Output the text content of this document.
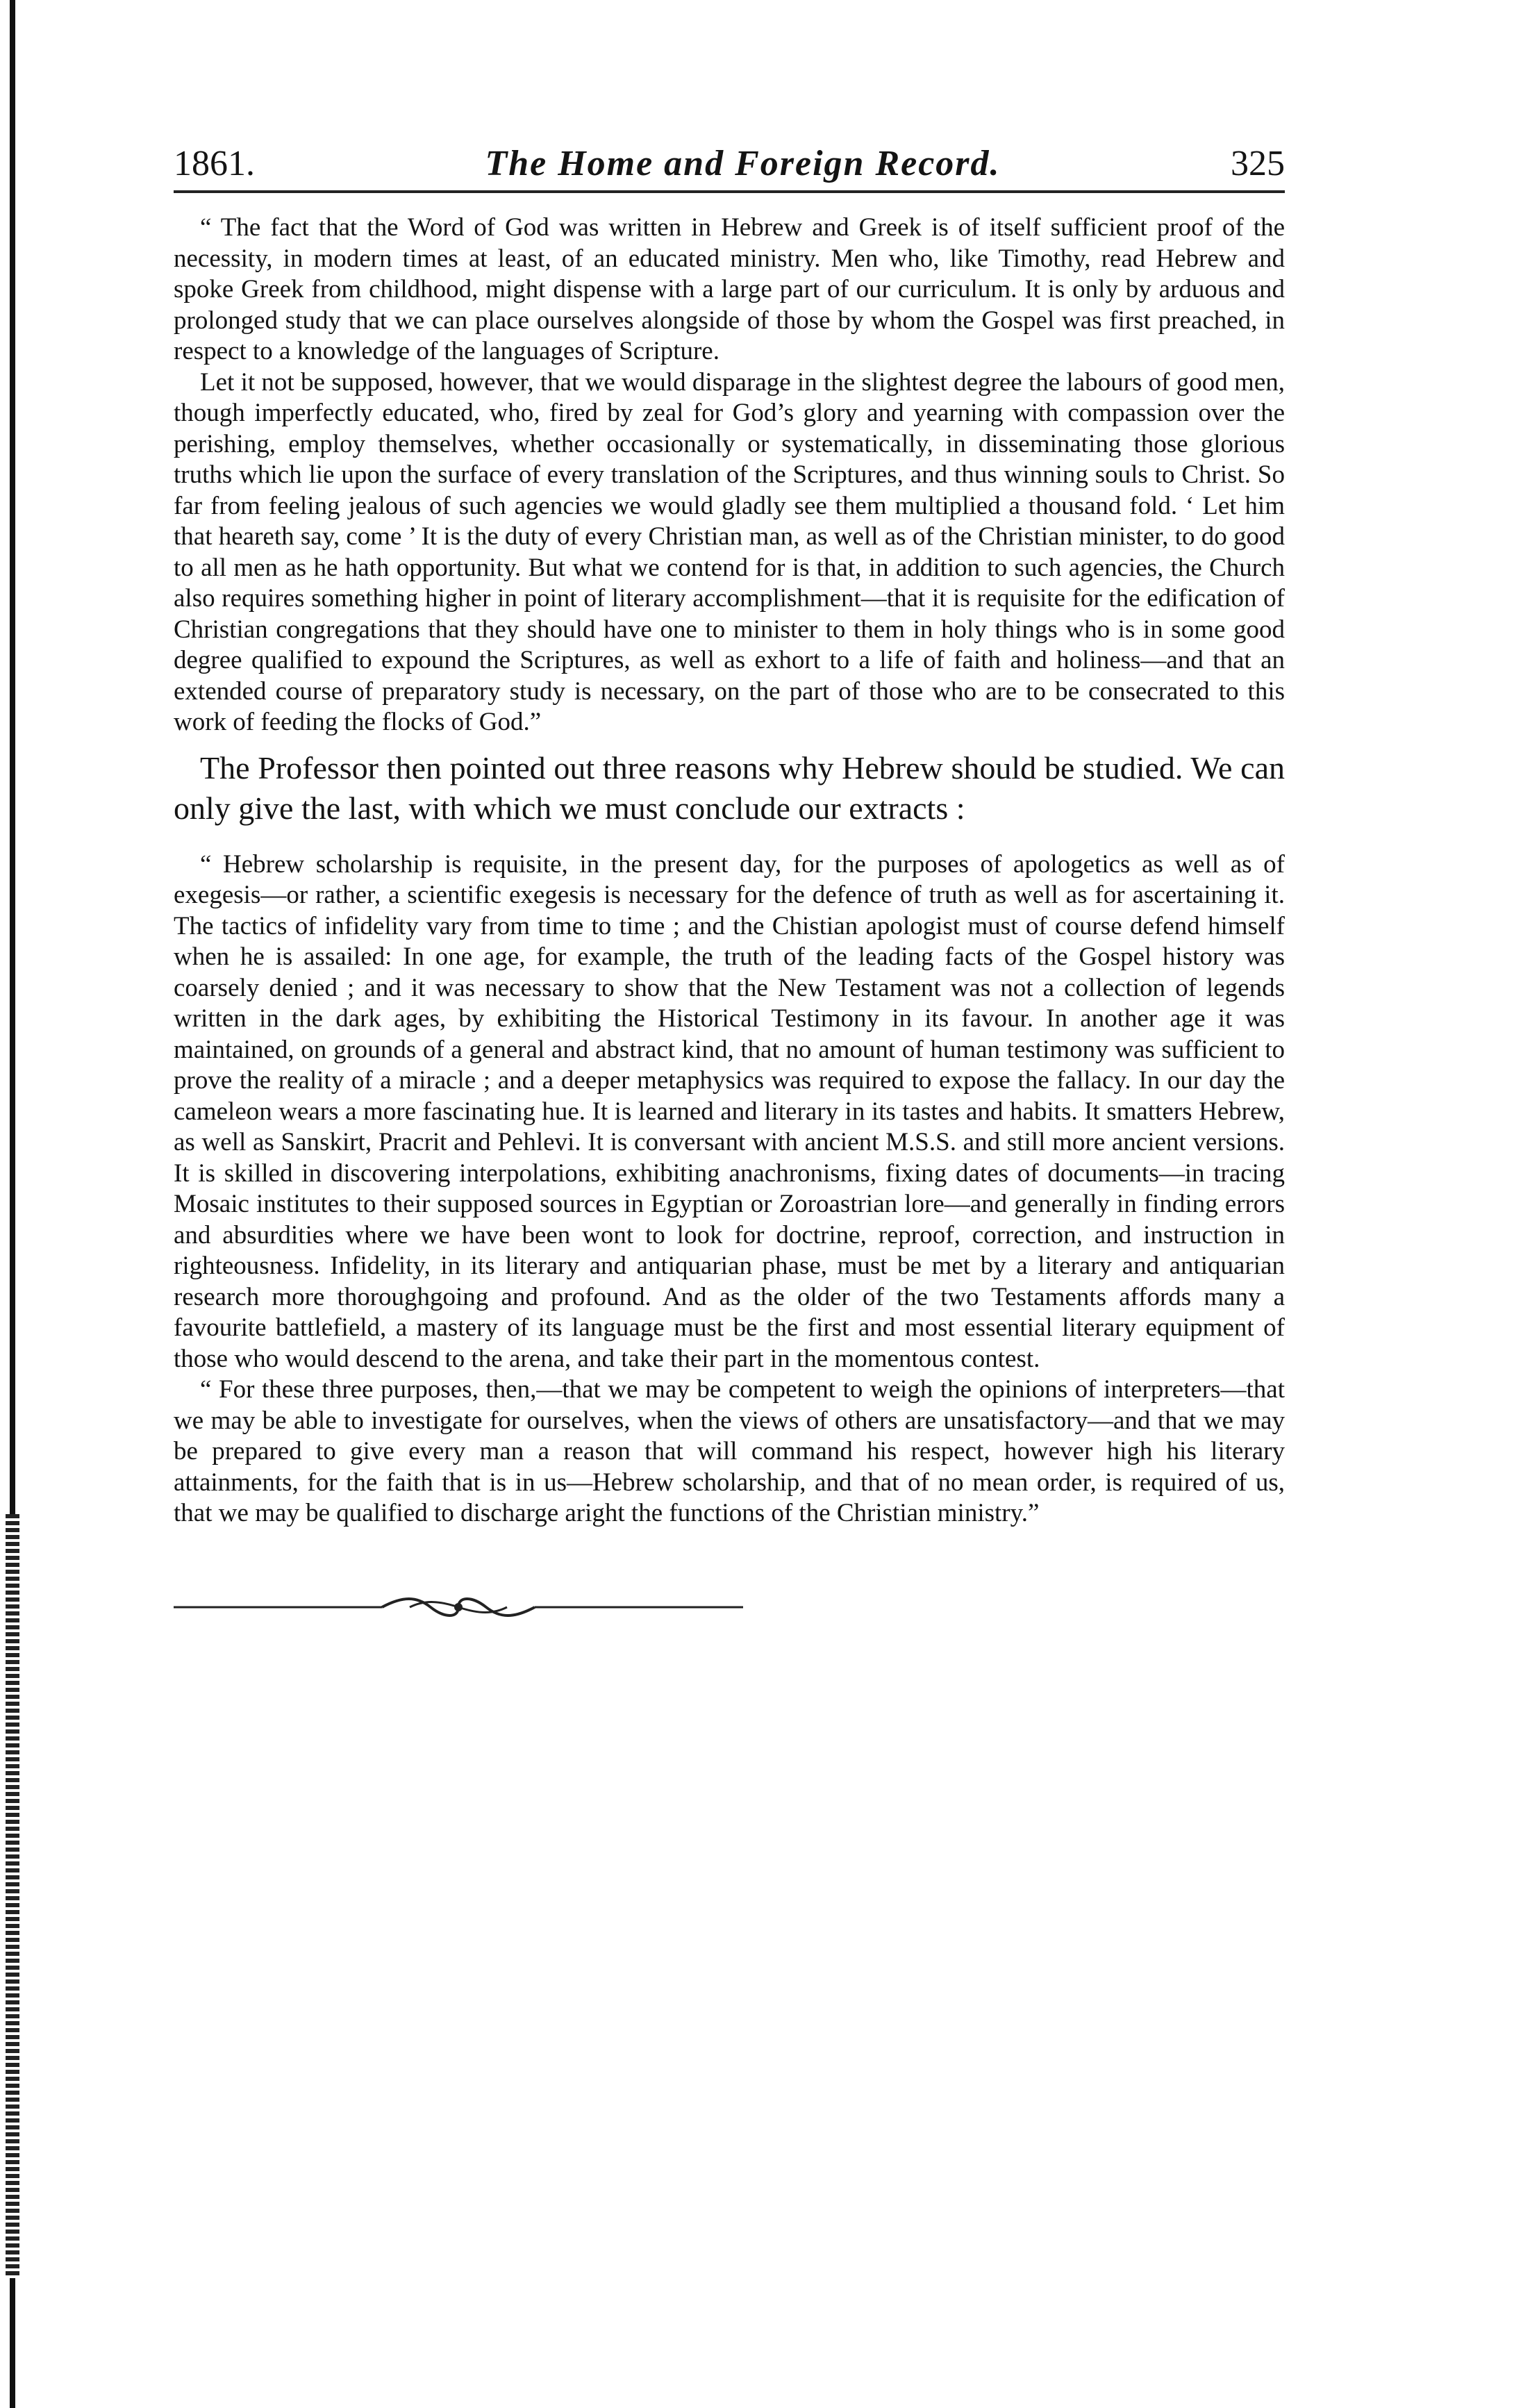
1861.	The Home and Foreign Record.	325

“ The fact that the Word of God was written in Hebrew and Greek is of itself sufficient proof of the necessity, in modern times at least, of an educated ministry. Men who, like Timothy, read Hebrew and spoke Greek from childhood, might dispense with a large part of our curriculum. It is only by arduous and prolonged study that we can place ourselves alongside of those by whom the Gospel was first preached, in respect to a knowledge of the languages of Scripture.

Let it not be supposed, however, that we would disparage in the slightest degree the labours of good men, though imperfectly educated, who, fired by zeal for God’s glory and yearning with compassion over the perishing, employ themselves, whether occasionally or systematically, in disseminating those glorious truths which lie upon the surface of every translation of the Scriptures, and thus winning souls to Christ. So far from feeling jealous of such agencies we would gladly see them multiplied a thousand fold. ‘ Let him that heareth say, come ’ It is the duty of every Christian man, as well as of the Christian minister, to do good to all men as he hath opportunity. But what we contend for is that, in addition to such agencies, the Church also requires something higher in point of literary accomplishment—that it is requisite for the edification of Christian congregations that they should have one to minister to them in holy things who is in some good degree qualified to expound the Scriptures, as well as exhort to a life of faith and holiness—and that an extended course of preparatory study is necessary, on the part of those who are to be consecrated to this work of feeding the flocks of God.”

The Professor then pointed out three reasons why Hebrew should be studied. We can only give the last, with which we must conclude our extracts :

“ Hebrew scholarship is requisite, in the present day, for the purposes of apologetics as well as of exegesis—or rather, a scientific exegesis is necessary for the defence of truth as well as for ascertaining it. The tactics of infidelity vary from time to time ; and the Chistian apologist must of course defend himself when he is assailed: In one age, for example, the truth of the leading facts of the Gospel history was coarsely denied ; and it was necessary to show that the New Testament was not a collection of legends written in the dark ages, by exhibiting the Historical Testimony in its favour. In another age it was maintained, on grounds of a general and abstract kind, that no amount of human testimony was sufficient to prove the reality of a miracle ; and a deeper metaphysics was required to expose the fallacy. In our day the cameleon wears a more fascinating hue. It is learned and literary in its tastes and habits. It smatters Hebrew, as well as Sanskirt, Pracrit and Pehlevi. It is conversant with ancient M.S.S. and still more ancient versions. It is skilled in discovering interpolations, exhibiting anachronisms, fixing dates of documents—in tracing Mosaic institutes to their supposed sources in Egyptian or Zoroastrian lore—and generally in finding errors and absurdities where we have been wont to look for doctrine, reproof, correction, and instruction in righteousness. Infidelity, in its literary and antiquarian phase, must be met by a literary and antiquarian research more thoroughgoing and profound. And as the older of the two Testaments affords many a favourite battlefield, a mastery of its language must be the first and most essential literary equipment of those who would descend to the arena, and take their part in the momentous contest.

“ For these three purposes, then,—that we may be competent to weigh the opinions of interpreters—that we may be able to investigate for ourselves, when the views of others are unsatisfactory—and that we may be prepared to give every man a reason that will command his respect, however high his literary attainments, for the faith that is in us—Hebrew scholarship, and that of no mean order, is required of us, that we may be qualified to discharge aright the functions of the Christian ministry.”
